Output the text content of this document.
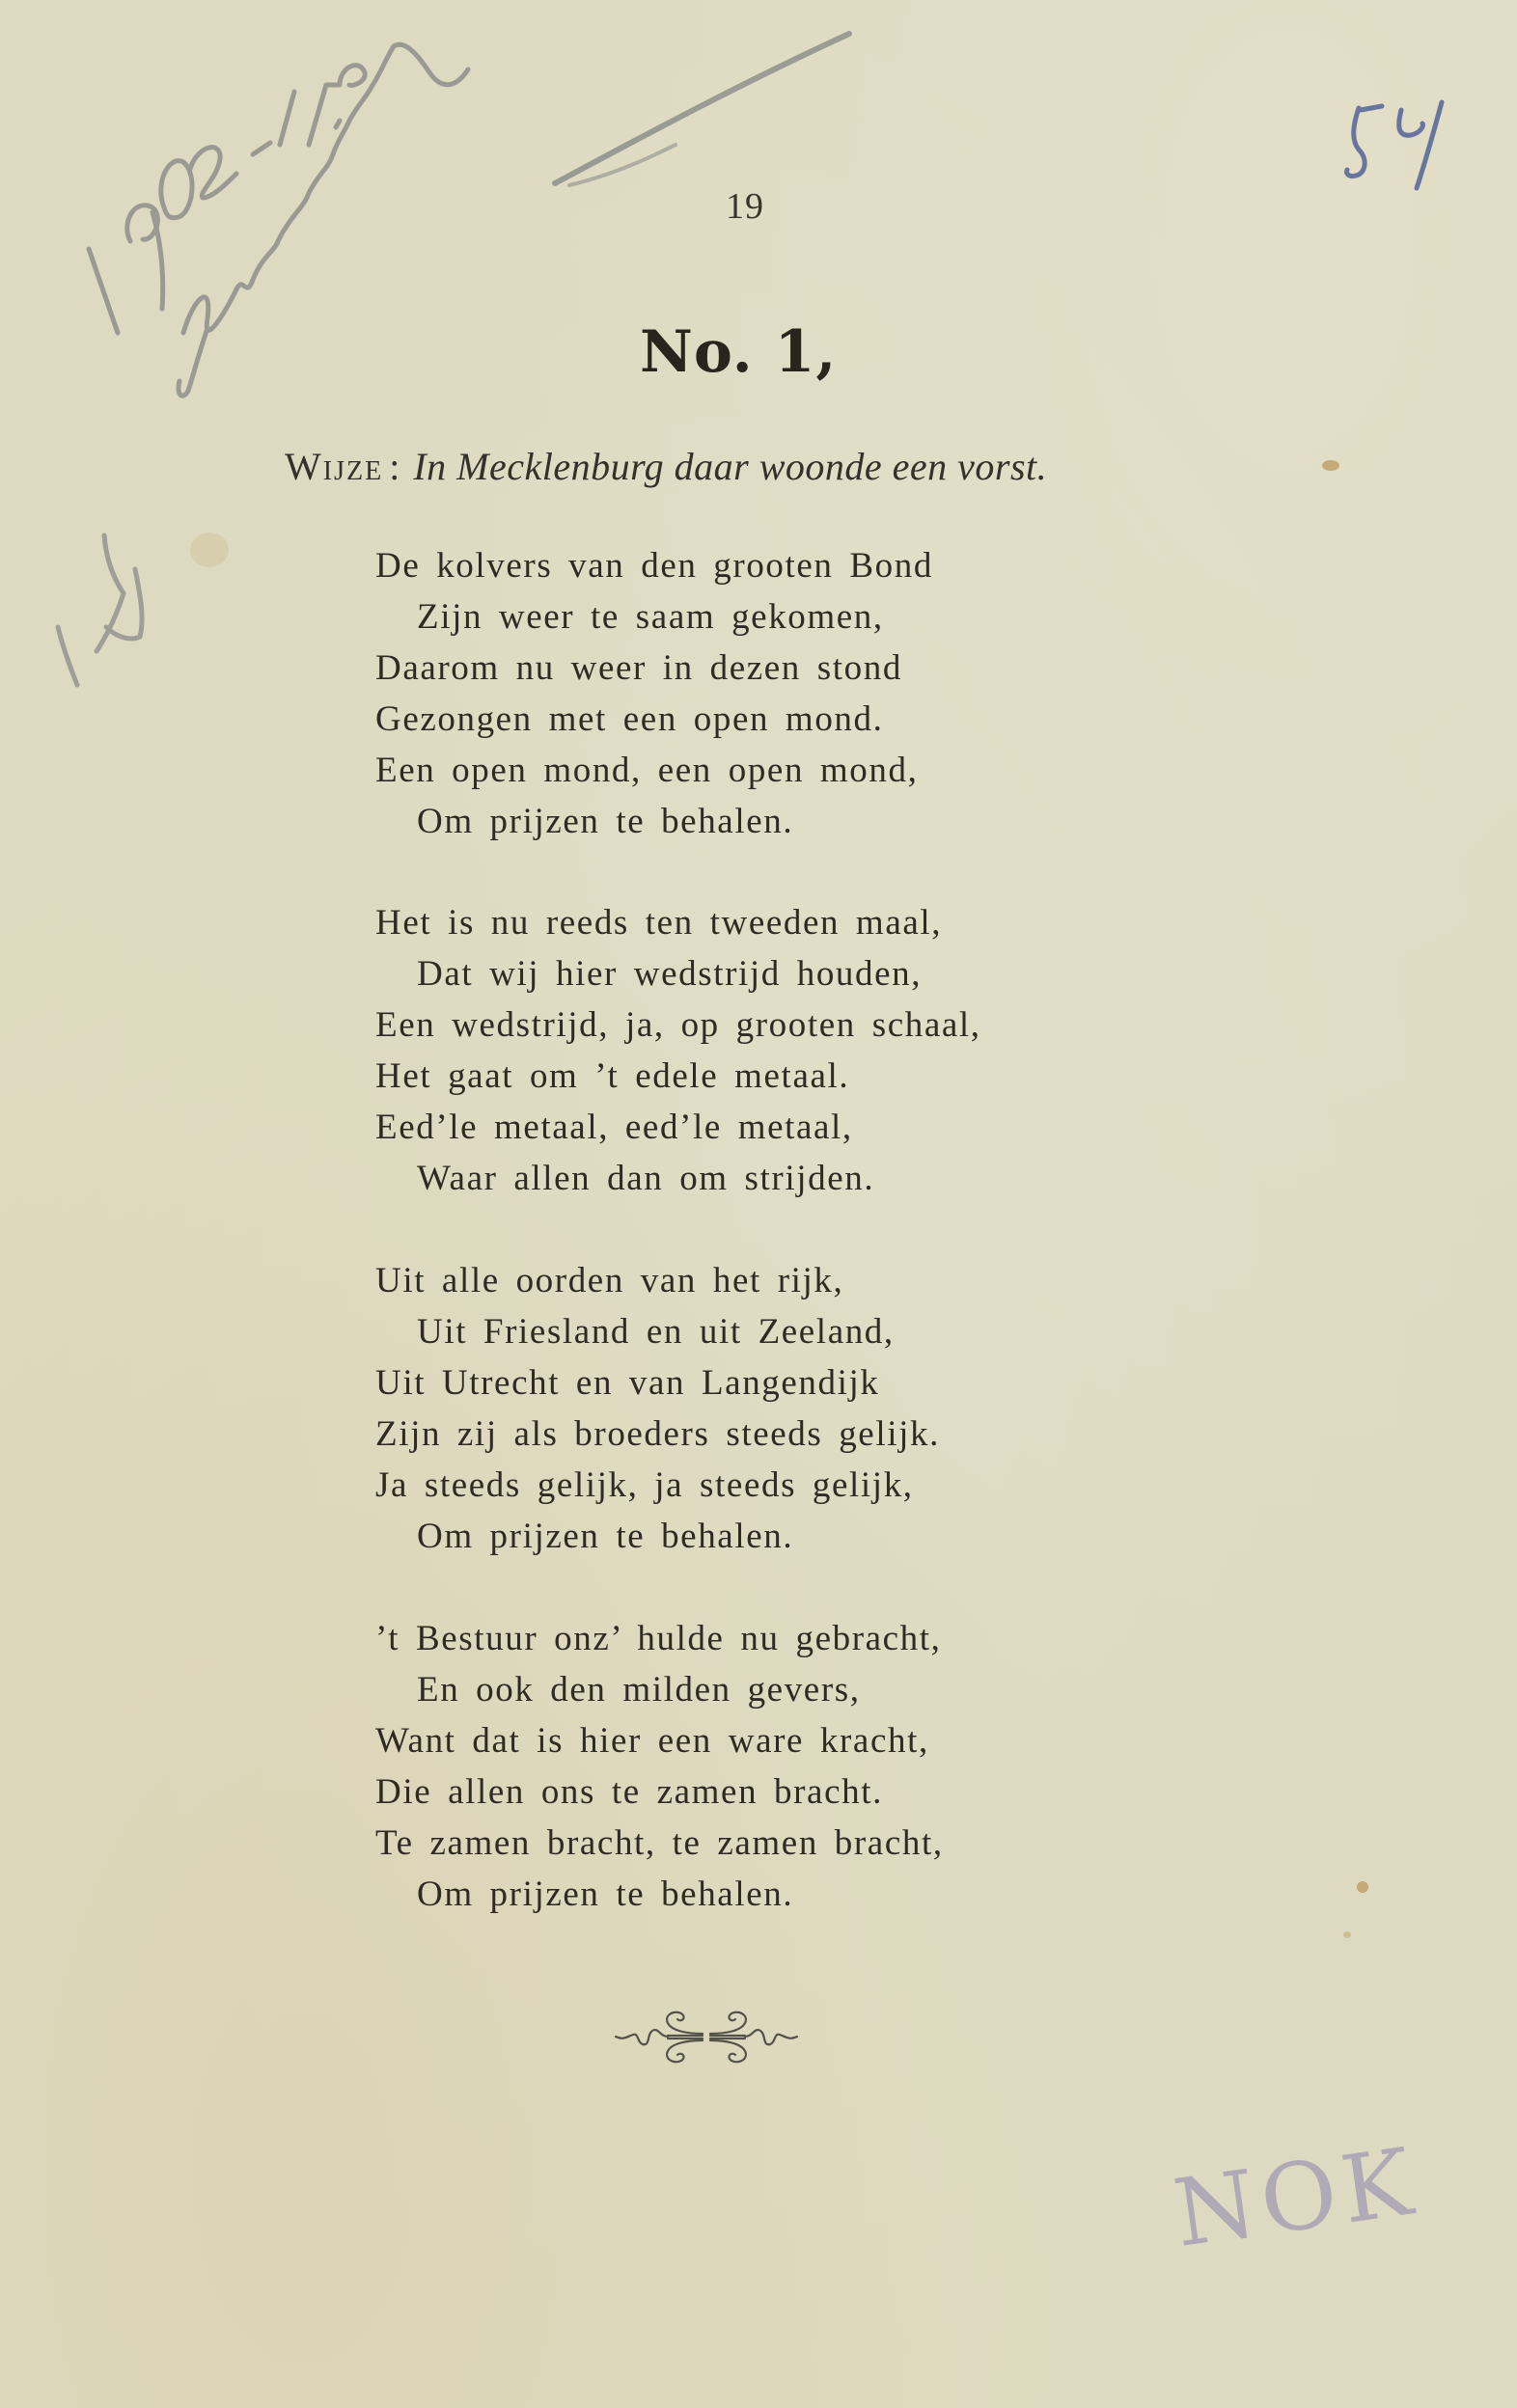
19
No. 1,
Wijze : In Mecklenburg daar woonde een vorst.
De kolvers van den grooten Bond
Zijn weer te saam gekomen,
Daarom nu weer in dezen stond
Gezongen met een open mond.
Een open mond, een open mond,
Om prijzen te behalen.
Het is nu reeds ten tweeden maal,
Dat wij hier wedstrijd houden,
Een wedstrijd, ja, op grooten schaal,
Het gaat om ’t edele metaal.
Eed’le metaal, eed’le metaal,
Waar allen dan om strijden.
Uit alle oorden van het rijk,
Uit Friesland en uit Zeeland,
Uit Utrecht en van Langendijk
Zijn zij als broeders steeds gelijk.
Ja steeds gelijk, ja steeds gelijk,
Om prijzen te behalen.
’t Bestuur onz’ hulde nu gebracht,
En ook den milden gevers,
Want dat is hier een ware kracht,
Die allen ons te zamen bracht.
Te zamen bracht, te zamen bracht,
Om prijzen te behalen.
NOK
